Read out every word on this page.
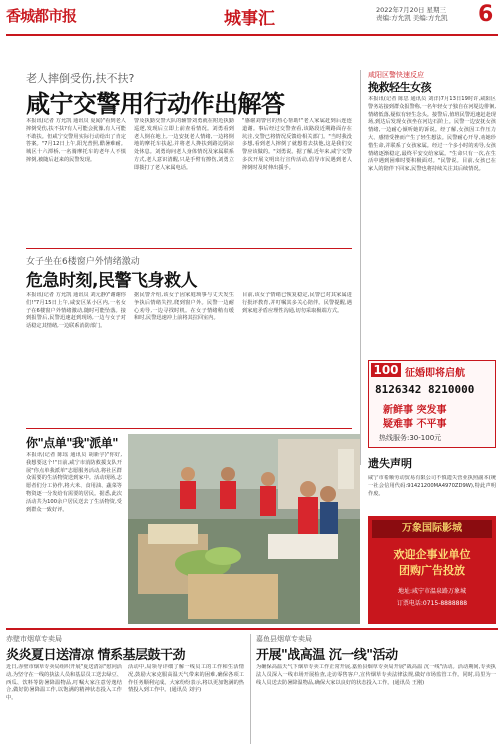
香城都市报	城事汇	2022年7月20日 星期三
责编:方允凯 美编:方允凯	6
老人摔倒受伤,扶不扶?
咸宁交警用行动作出解答
本报讯(记者 方允凯 通讯员 夏闻)"看到老人摔倒受伤,扶不扶?有人可能会犹豫,有人可能不敢扶。但咸宁交警用实际行动给出了肯定答案。"7月12日上午,阳光普照,酷暑难耐。城区十六潭桥,一名骑摩托车的老年人不慎摔倒,被随后赶来的民警发现。
警及执勤交警大队的辅警刘勇就在附近执勤巡逻,发现后立即上前查看情况。刘勇看到老人倒在地上,一边安抚老人情绪,一边将倒地的摩托车扶起,并将老人搀扶到路边阴凉处休息。刘勇询问老人身体情况及家属联系方式,老人意识清醒,只是手臂有擦伤,刘勇立即拨打了老人家属电话。
"感谢刘警官的热心帮助!"老人家属赶到后连连道谢。事后经过交警查看,该路段近期路面存在坑洼,交警已将情况反馈给相关部门。"当时我没多想,看到老人摔倒了就想着去扶他,这是我们交警应该做的。"刘勇说。据了解,近年来,咸宁交警多次开展文明出行宣传活动,倡导市民遇到老人摔倒时及时伸出援手。
咸阳区警快速反应
挽救轻生女孩
本报讯(记者 陈思 通讯员 刘洋)7月13日19时许,咸阳区警务站接到群众报警称,一名年轻女子独自在河堤边徘徊,情绪低落,疑似有轻生念头。接警后,值班民警迅速赶赴现场,到达后发现女孩坐在河边石阶上。民警一边安抚女孩情绪,一边耐心倾听她的诉说。经了解,女孩因工作压力大、感情受挫而产生了轻生想法。民警耐心开导,劝她珍惜生命,并联系了女孩家属。经过一个多小时的劝导,女孩情绪逐渐稳定,最终平安交给家属。"生命只有一次,在生活中遇到困难时要积极面对。"民警说。目前,女孩已在家人的陪伴下回家,民警也将持续关注其后续情况。
100 征婚即将启航
8126342 8210000
新鲜事 突发事
疑难事 不平事
热线服务:30-100元
女子坐在6楼窗户外情绪激动
危急时刻,民警飞身救人
本报讯(记者 方允凯 通讯员 刘元静)"谢谢你们!"7月15日上午,咸安区某小区内,一名女子在6楼窗户外情绪激动,随时可能坠落。接到报警后,民警迅速赶到现场,一边与女子对话稳定其情绪,一边联系消防部门。
据民警介绍,该女子因家庭琐事与丈夫发生争执后情绪失控,爬到窗户外。民警一边耐心劝导,一边寻找时机。在女子情绪稍有缓和时,民警迅速冲上前将其拉回室内。
目前,该女子情绪已恢复稳定,民警已对其家属进行批评教育,并叮嘱其多关心陪伴。民警提醒,遇到家庭矛盾应理性沟通,切勿采取极端方式。
你"点单"我"派单"
本报讯(记者 陈瑶 通讯员 胡新宇)"你好,我想要这个!"日前,咸宁市消防救援支队开展"你点单我派单"志愿服务活动,将社区群众需要的生活物资送到家中。活动现场,志愿者们分工协作,将大米、食用油、蔬菜等物资逐一分发给有需要的居民。据悉,此次活动共为100余户居民送去了生活物资,受到群众一致好评。
遗失声明
咸宁市希顺劳动贸易有限公司不慎遗失营业执照副本(统一社会信用代码:91421200MA4970ZD9W),特此声明作废。
万象国际影城
欢迎企事业单位
团购广告投放
地址:咸宁市温泉路万象城
订票电话:0715-8888888
赤壁市烟草专卖局
炎炎夏日送清凉 情系基层鼓干劲
近日,赤壁市烟草专卖局组织开展"夏送清凉"慰问活动,为坚守在一线的执法人员和基层员工送去绿豆、西瓜、饮料等防暑降温物品,叮嘱大家注意劳逸结合,做好防暑降温工作,以饱满的精神状态投入工作中。
活动中,局领导详细了解一线员工的工作和生活情况,鼓励大家克服高温天气带来的困难,确保各项工作任务顺利完成。大家纷纷表示,将以更加饱满的热情投入到工作中。(通讯员 刘宇)
嘉鱼县烟草专卖局
开展"战高温 沉一线"活动
为确保高温天气下烟草专卖工作正常开展,嘉鱼县烟草专卖局开展"战高温 沉一线"活动。活动期间,专卖执法人员深入一线市场开展检查,走访零售客户,宣传烟草专卖法律法规,做好市场监管工作。同时,局里为一线人员送去防暑降温物品,确保大家以良好的状态投入工作。(通讯员 王刚)
